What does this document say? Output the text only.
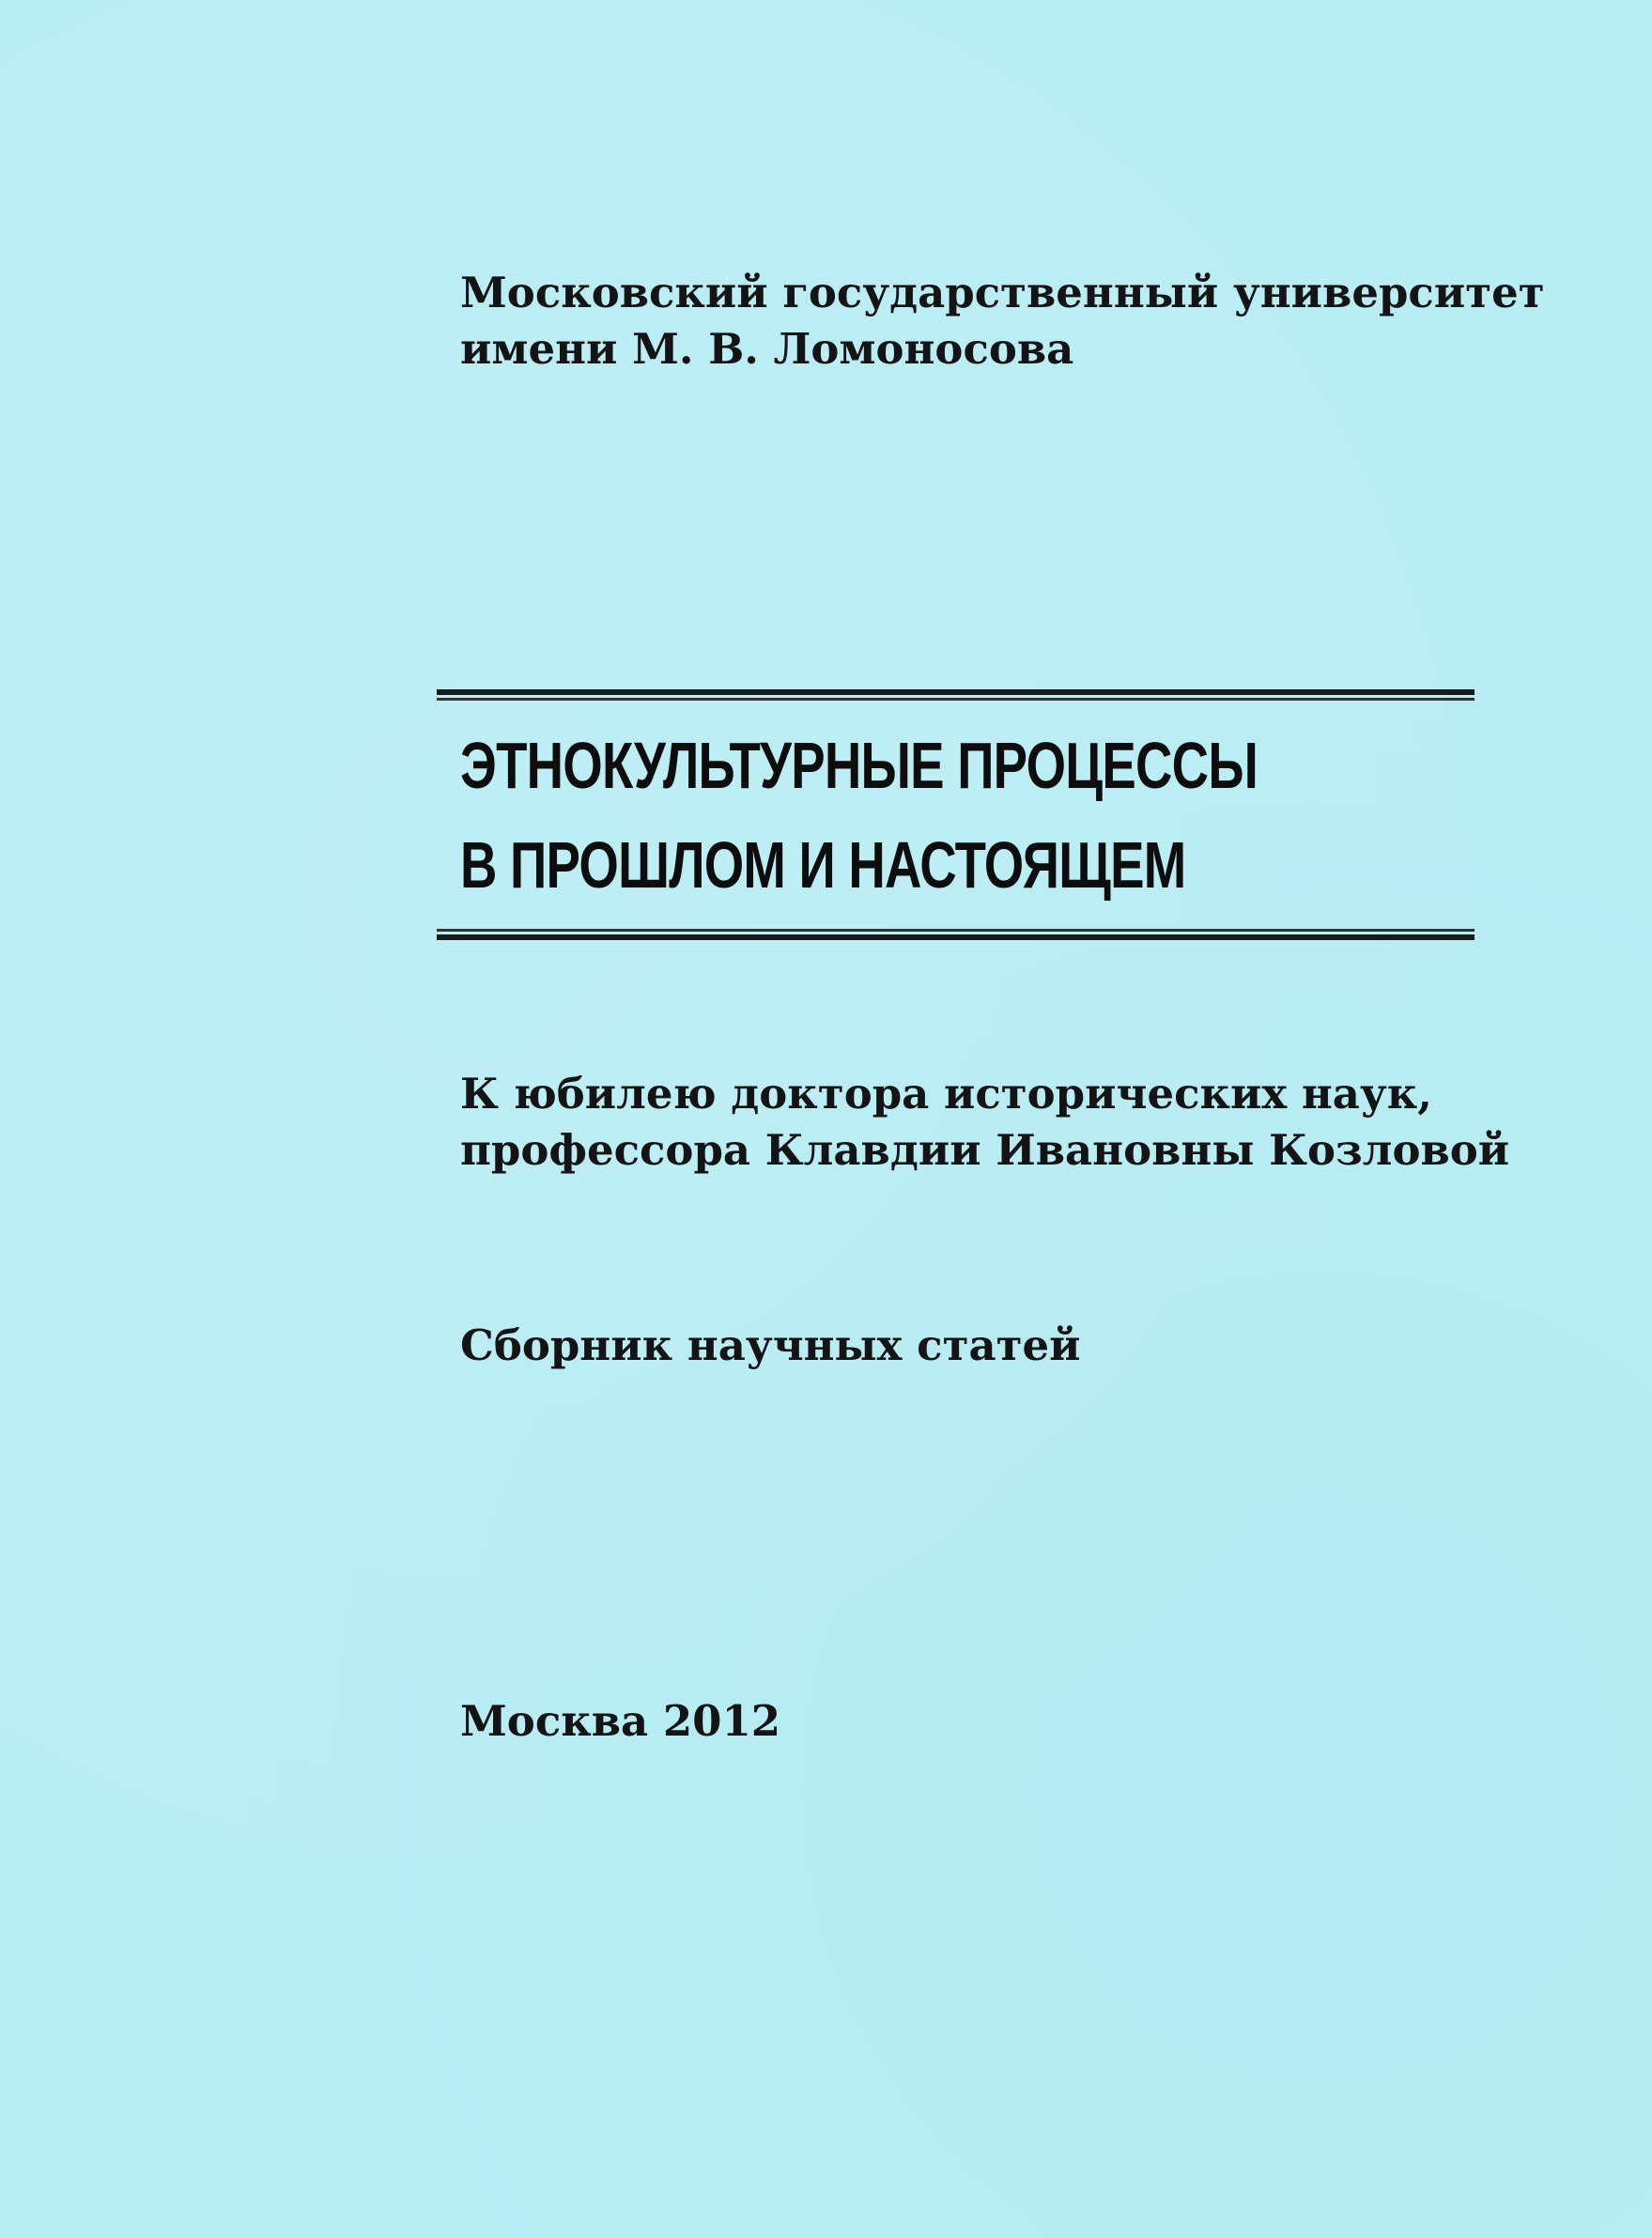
Московский государственный университет
имени М. В. Ломоносова
ЭТНОКУЛЬТУРНЫЕ ПРОЦЕССЫ
В ПРОШЛОМ И НАСТОЯЩЕМ
К юбилею доктора исторических наук,
профессора Клавдии Ивановны Козловой
Сборник научных статей
Москва 2012
